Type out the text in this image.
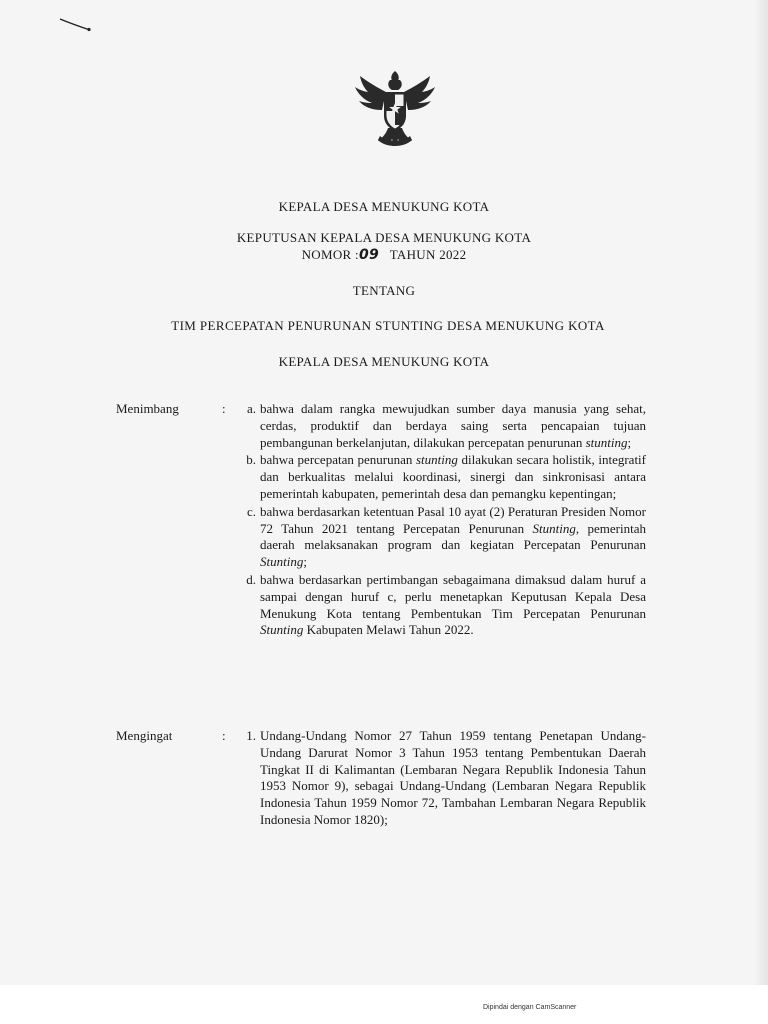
KEPALA DESA MENUKUNG KOTA
KEPUTUSAN KEPALA DESA MENUKUNG KOTA
NOMOR :09 TAHUN 2022
TENTANG
TIM PERCEPATAN PENURUNAN STUNTING DESA MENUKUNG KOTA
KEPALA DESA MENUKUNG KOTA
Menimbang	:	a. bahwa dalam rangka mewujudkan sumber daya manusia yang sehat, cerdas, produktif dan berdaya saing serta pencapaian tujuan pembangunan berkelanjutan, dilakukan percepatan penurunan stunting;
b. bahwa percepatan penurunan stunting dilakukan secara holistik, integratif dan berkualitas melalui koordinasi, sinergi dan sinkronisasi antara pemerintah kabupaten, pemerintah desa dan pemangku kepentingan;
c. bahwa berdasarkan ketentuan Pasal 10 ayat (2) Peraturan Presiden Nomor 72 Tahun 2021 tentang Percepatan Penurunan Stunting, pemerintah daerah melaksanakan program dan kegiatan Percepatan Penurunan Stunting;
d. bahwa berdasarkan pertimbangan sebagaimana dimaksud dalam huruf a sampai dengan huruf c, perlu menetapkan Keputusan Kepala Desa Menukung Kota tentang Pembentukan Tim Percepatan Penurunan Stunting Kabupaten Melawi Tahun 2022.
Mengingat	:	1. Undang-Undang Nomor 27 Tahun 1959 tentang Penetapan Undang-Undang Darurat Nomor 3 Tahun 1953 tentang Pembentukan Daerah Tingkat II di Kalimantan (Lembaran Negara Republik Indonesia Tahun 1953 Nomor 9), sebagai Undang-Undang (Lembaran Negara Republik Indonesia Tahun 1959 Nomor 72, Tambahan Lembaran Negara Republik Indonesia Nomor 1820);
Dipindai dengan CamScanner
